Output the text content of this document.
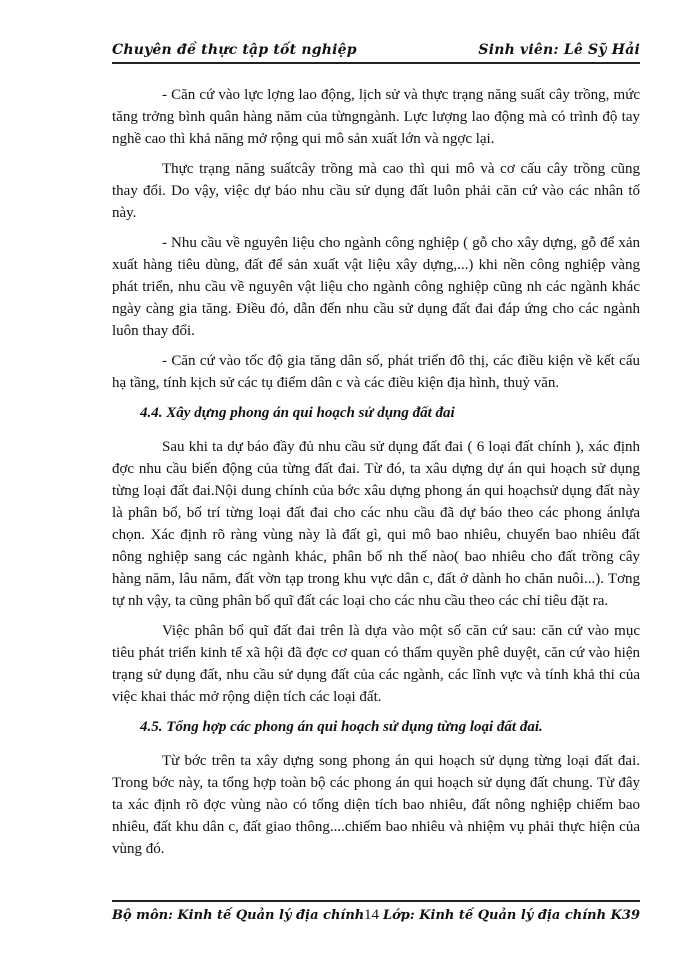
Chuyên đề thực tập tốt nghiệp	Sinh viên: Lê Sỹ Hải

- Căn cứ vào lực lợng lao động, lịch sử và thực trạng năng suất cây trồng, mức tăng trởng bình quân hàng năm của từngngành. Lực lượng lao động mà có trình độ tay nghề cao thì khả năng mở rộng qui mô sản xuất lớn và ngợc lại.

Thực trạng năng suấtcây trồng mà cao thì qui mô và cơ cấu cây trồng cũng thay đổi. Do vậy, việc dự báo nhu cầu sử dụng đất luôn phải căn cứ vào các nhân tố này.

- Nhu cầu về nguyên liệu cho ngành công nghiệp ( gỗ cho xây dựng, gỗ để xản xuất hàng tiêu dùng, đất để sản xuất vật liệu xây dựng,...) khi nền công nghiệp vàng phát triển, nhu cầu về nguyên vật liệu cho ngành công nghiệp cũng nh các ngành khác ngày càng gia tăng. Điều đó, dẫn đến nhu cầu sử dụng đất đai đáp ứng cho các ngành luôn thay đổi.

- Căn cứ vào tốc độ gia tăng dân số, phát triển đô thị, các điều kiện về kết cấu hạ tầng, tính kịch sử các tụ điểm dân c và các điều kiện địa hình, thuỷ văn.

4.4. Xây dựng phong án qui hoạch sử dụng đất đai

Sau khi ta dự báo đầy đủ nhu cầu sử dụng đất đai ( 6 loại đất chính ), xác định đợc nhu cầu biến động của từng đất đai. Từ đó, ta xâu dựng dự án qui hoạch sử dụng từng loại đất đai.Nội dung chính của bớc xâu dựng phong án qui hoạchsử dụng đất này là phân bổ, bố trí từng loại đất đai cho các nhu cầu đã dự báo theo các phong ánlựa chọn. Xác định rõ ràng vùng này là đất gì, qui mô bao nhiêu, chuyển bao nhiêu đất nông nghiệp sang các ngành khác, phân bổ nh thế nào( bao nhiêu cho đất trồng cây hàng năm, lâu năm, đất vờn tạp trong khu vực dân c, đất ở dành ho chăn nuôi...). Tơng tự nh vậy, ta cũng phân bổ quĩ đất các loại cho các nhu cầu theo các chỉ tiêu đặt ra.

Việc phân bổ quĩ đất đai trên là dựa vào một số căn cứ sau: căn cứ vào mục tiêu phát triển kinh tế xã hội đã đợc cơ quan có thẩm quyền phê duyệt, căn cứ vào hiện trạng sử dụng đất, nhu cầu sử dụng đất của các ngành, các lĩnh vực và tính khả thi của việc khai thác mở rộng diện tích các loại đất.

4.5. Tổng hợp các phong án qui hoạch sử dụng từng loại đất đai.

Từ bớc trên ta xây dựng song phong án qui hoạch sử dụng từng loại đất đai. Trong bớc này, ta tổng hợp toàn bộ các phong án qui hoạch sử dụng đất chung. Từ đây ta xác định rõ đợc vùng nào có tổng diện tích bao nhiêu, đất nông nghiệp chiếm bao nhiêu, đất khu dân c, đất giao thông....chiếm bao nhiêu và nhiệm vụ phải thực hiện của vùng đó.

Bộ môn: Kinh tế Quản lý địa chính 14 Lớp: Kinh tế Quản lý địa chính K39
